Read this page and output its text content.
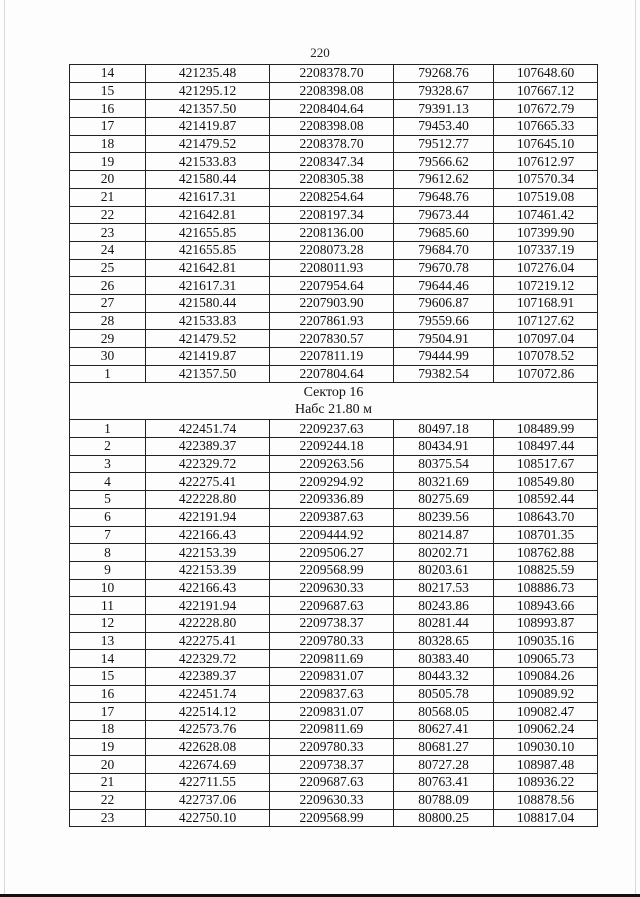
220
14	421235.48	2208378.70	79268.76	107648.60
15	421295.12	2208398.08	79328.67	107667.12
16	421357.50	2208404.64	79391.13	107672.79
17	421419.87	2208398.08	79453.40	107665.33
18	421479.52	2208378.70	79512.77	107645.10
19	421533.83	2208347.34	79566.62	107612.97
20	421580.44	2208305.38	79612.62	107570.34
21	421617.31	2208254.64	79648.76	107519.08
22	421642.81	2208197.34	79673.44	107461.42
23	421655.85	2208136.00	79685.60	107399.90
24	421655.85	2208073.28	79684.70	107337.19
25	421642.81	2208011.93	79670.78	107276.04
26	421617.31	2207954.64	79644.46	107219.12
27	421580.44	2207903.90	79606.87	107168.91
28	421533.83	2207861.93	79559.66	107127.62
29	421479.52	2207830.57	79504.91	107097.04
30	421419.87	2207811.19	79444.99	107078.52
1	421357.50	2207804.64	79382.54	107072.86

Сектор 16
Набс 21.80 м				

1	422451.74	2209237.63	80497.18	108489.99
2	422389.37	2209244.18	80434.91	108497.44
3	422329.72	2209263.56	80375.54	108517.67
4	422275.41	2209294.92	80321.69	108549.80
5	422228.80	2209336.89	80275.69	108592.44
6	422191.94	2209387.63	80239.56	108643.70
7	422166.43	2209444.92	80214.87	108701.35
8	422153.39	2209506.27	80202.71	108762.88
9	422153.39	2209568.99	80203.61	108825.59
10	422166.43	2209630.33	80217.53	108886.73
11	422191.94	2209687.63	80243.86	108943.66
12	422228.80	2209738.37	80281.44	108993.87
13	422275.41	2209780.33	80328.65	109035.16
14	422329.72	2209811.69	80383.40	109065.73
15	422389.37	2209831.07	80443.32	109084.26
16	422451.74	2209837.63	80505.78	109089.92
17	422514.12	2209831.07	80568.05	109082.47
18	422573.76	2209811.69	80627.41	109062.24
19	422628.08	2209780.33	80681.27	109030.10
20	422674.69	2209738.37	80727.28	108987.48
21	422711.55	2209687.63	80763.41	108936.22
22	422737.06	2209630.33	80788.09	108878.56
23	422750.10	2209568.99	80800.25	108817.04
